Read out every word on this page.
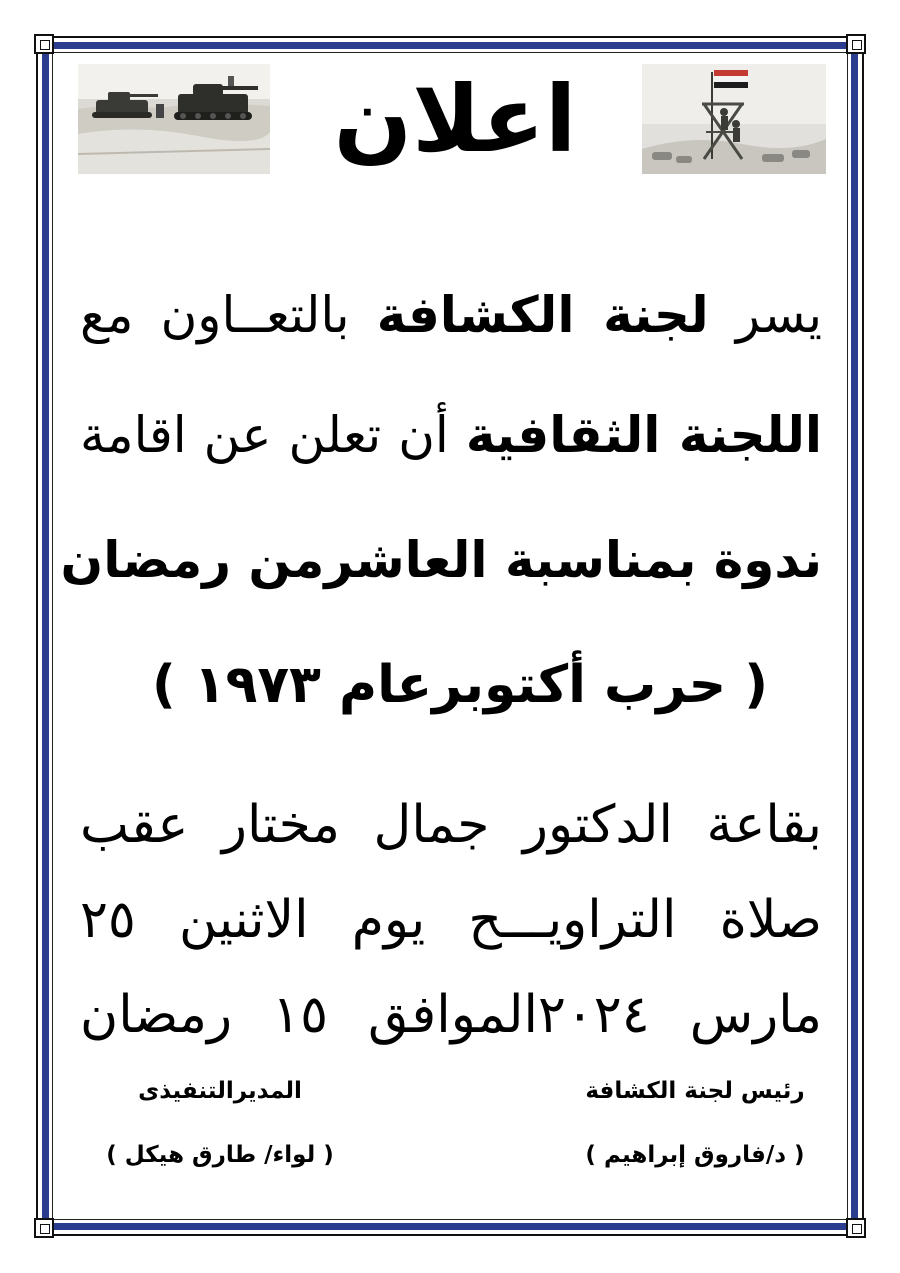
اعلان
يسر لجنة الكشافة بالتعــاون مع
اللجنة الثقافية أن تعلن عن اقامة
ندوة بمناسبة العاشرمن رمضان
( حرب أكتوبرعام ١٩٧٣ )
بقاعة الدكتور جمال مختار عقب
صلاة التراويـــح يوم الاثنين ٢٥
مارس ٢٠٢٤الموافق ١٥ رمضان
رئيس لجنة الكشافة
( د/فاروق إبراهيم )
المديرالتنفيذى
( لواء/ طارق هيكل )
